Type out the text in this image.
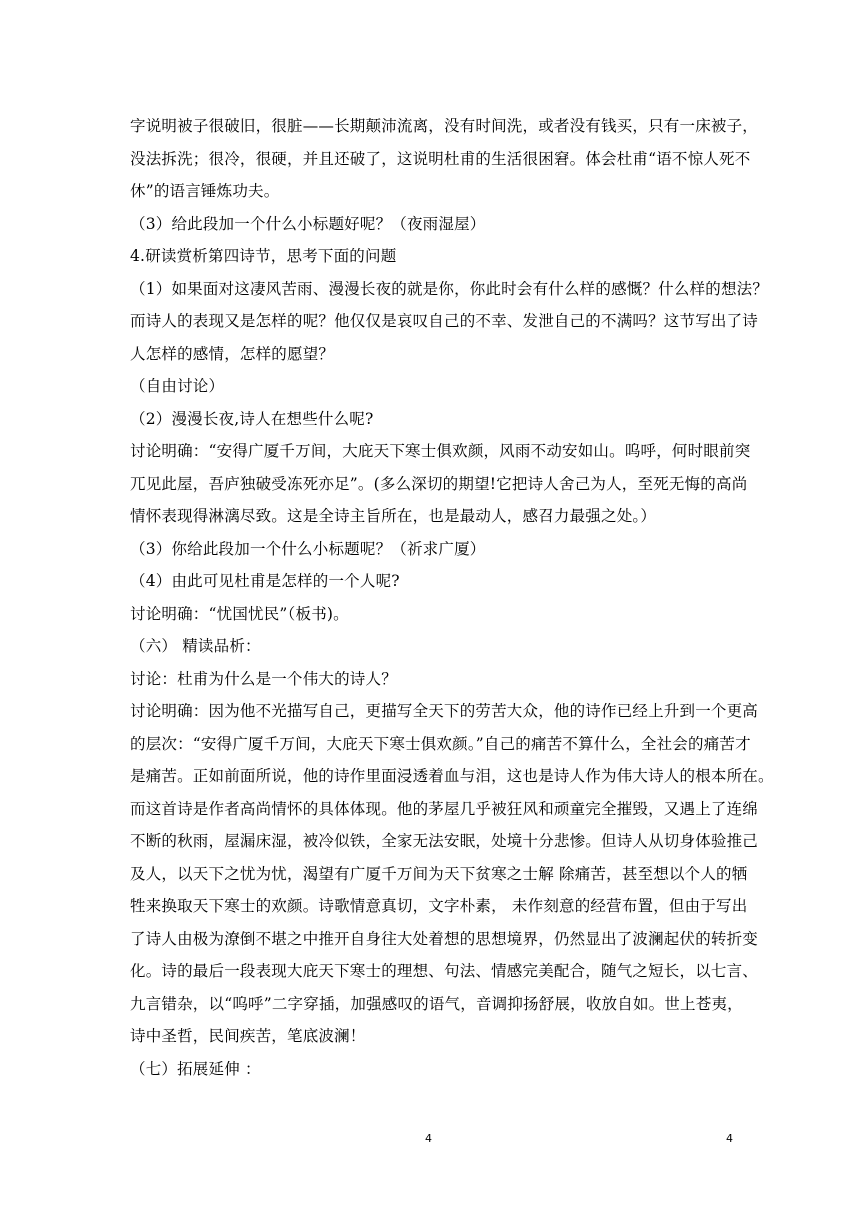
字说明被子很破旧，很脏——长期颠沛流离，没有时间洗，或者没有钱买，只有一床被子，
没法拆洗；很冷，很硬，并且还破了，这说明杜甫的生活很困窘。体会杜甫“语不惊人死不
休”的语言锤炼功夫。
（3）给此段加一个什么小标题好呢？（夜雨湿屋）
4.研读赏析第四诗节，思考下面的问题
（1）如果面对这凄风苦雨、漫漫长夜的就是你，你此时会有什么样的感慨？什么样的想法？
而诗人的表现又是怎样的呢？他仅仅是哀叹自己的不幸、发泄自己的不满吗？这节写出了诗
人怎样的感情，怎样的愿望？
（自由讨论）
（2）漫漫长夜,诗人在想些什么呢?
讨论明确：“安得广厦千万间，大庇天下寒士俱欢颜，风雨不动安如山。呜呼，何时眼前突
兀见此屋，吾庐独破受冻死亦足”。(多么深切的期望!它把诗人舍己为人，至死无悔的高尚
情怀表现得淋漓尽致。这是全诗主旨所在，也是最动人，感召力最强之处。）
（3）你给此段加一个什么小标题呢？（祈求广厦）
（4）由此可见杜甫是怎样的一个人呢?
讨论明确：“忧国忧民”（板书)。
（六） 精读品析：
讨论：杜甫为什么是一个伟大的诗人？
讨论明确：因为他不光描写自己，更描写全天下的劳苦大众，他的诗作已经上升到一个更高
的层次：“安得广厦千万间，大庇天下寒士俱欢颜。”自己的痛苦不算什么，全社会的痛苦才
是痛苦。正如前面所说，他的诗作里面浸透着血与泪，这也是诗人作为伟大诗人的根本所在。
而这首诗是作者高尚情怀的具体体现。他的茅屋几乎被狂风和顽童完全摧毁，又遇上了连绵
不断的秋雨，屋漏床湿，被冷似铁，全家无法安眠，处境十分悲惨。但诗人从切身体验推己
及人，以天下之忧为忧，渴望有广厦千万间为天下贫寒之士解 除痛苦，甚至想以个人的牺
牲来换取天下寒士的欢颜。诗歌情意真切，文字朴素， 未作刻意的经营布置，但由于写出
了诗人由极为潦倒不堪之中推开自身往大处着想的思想境界，仍然显出了波澜起伏的转折变
化。诗的最后一段表现大庇天下寒士的理想、句法、情感完美配合，随气之短长，以七言、
九言错杂，以“呜呼”二字穿插，加强感叹的语气，音调抑扬舒展，收放自如。世上苍夷，
诗中圣哲，民间疾苦，笔底波澜！
（七）拓展延伸 ：
4	4
